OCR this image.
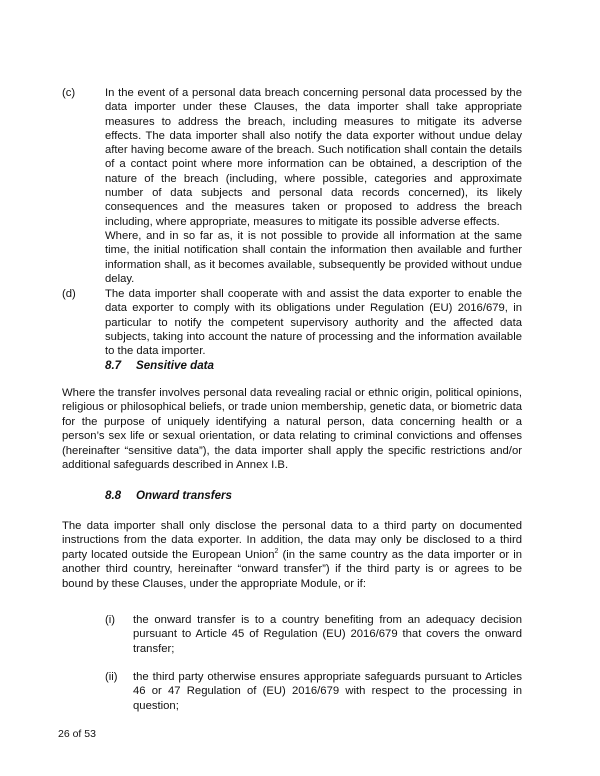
(c)	In the event of a personal data breach concerning personal data processed by the data importer under these Clauses, the data importer shall take appropriate measures to address the breach, including measures to mitigate its adverse effects. The data importer shall also notify the data exporter without undue delay after having become aware of the breach. Such notification shall contain the details of a contact point where more information can be obtained, a description of the nature of the breach (including, where possible, categories and approximate number of data subjects and personal data records concerned), its likely consequences and the measures taken or proposed to address the breach including, where appropriate, measures to mitigate its possible adverse effects.

Where, and in so far as, it is not possible to provide all information at the same time, the initial notification shall contain the information then available and further information shall, as it becomes available, subsequently be provided without undue delay.

(d)	The data importer shall cooperate with and assist the data exporter to enable the data exporter to comply with its obligations under Regulation (EU) 2016/679, in particular to notify the competent supervisory authority and the affected data subjects, taking into account the nature of processing and the information available to the data importer.

8.7 Sensitive data

Where the transfer involves personal data revealing racial or ethnic origin, political opinions, religious or philosophical beliefs, or trade union membership, genetic data, or biometric data for the purpose of uniquely identifying a natural person, data concerning health or a person’s sex life or sexual orientation, or data relating to criminal convictions and offenses (hereinafter “sensitive data”), the data importer shall apply the specific restrictions and/or additional safeguards described in Annex I.B.

8.8 Onward transfers

The data importer shall only disclose the personal data to a third party on documented instructions from the data exporter. In addition, the data may only be disclosed to a third party located outside the European Union$^2$ (in the same country as the data importer or in another third country, hereinafter “onward transfer”) if the third party is or agrees to be bound by these Clauses, under the appropriate Module, or if:

(i)	the onward transfer is to a country benefiting from an adequacy decision pursuant to Article 45 of Regulation (EU) 2016/679 that covers the onward transfer;

(ii)	the third party otherwise ensures appropriate safeguards pursuant to Articles 46 or 47 Regulation of (EU) 2016/679 with respect to the processing in question;

26 of 53
